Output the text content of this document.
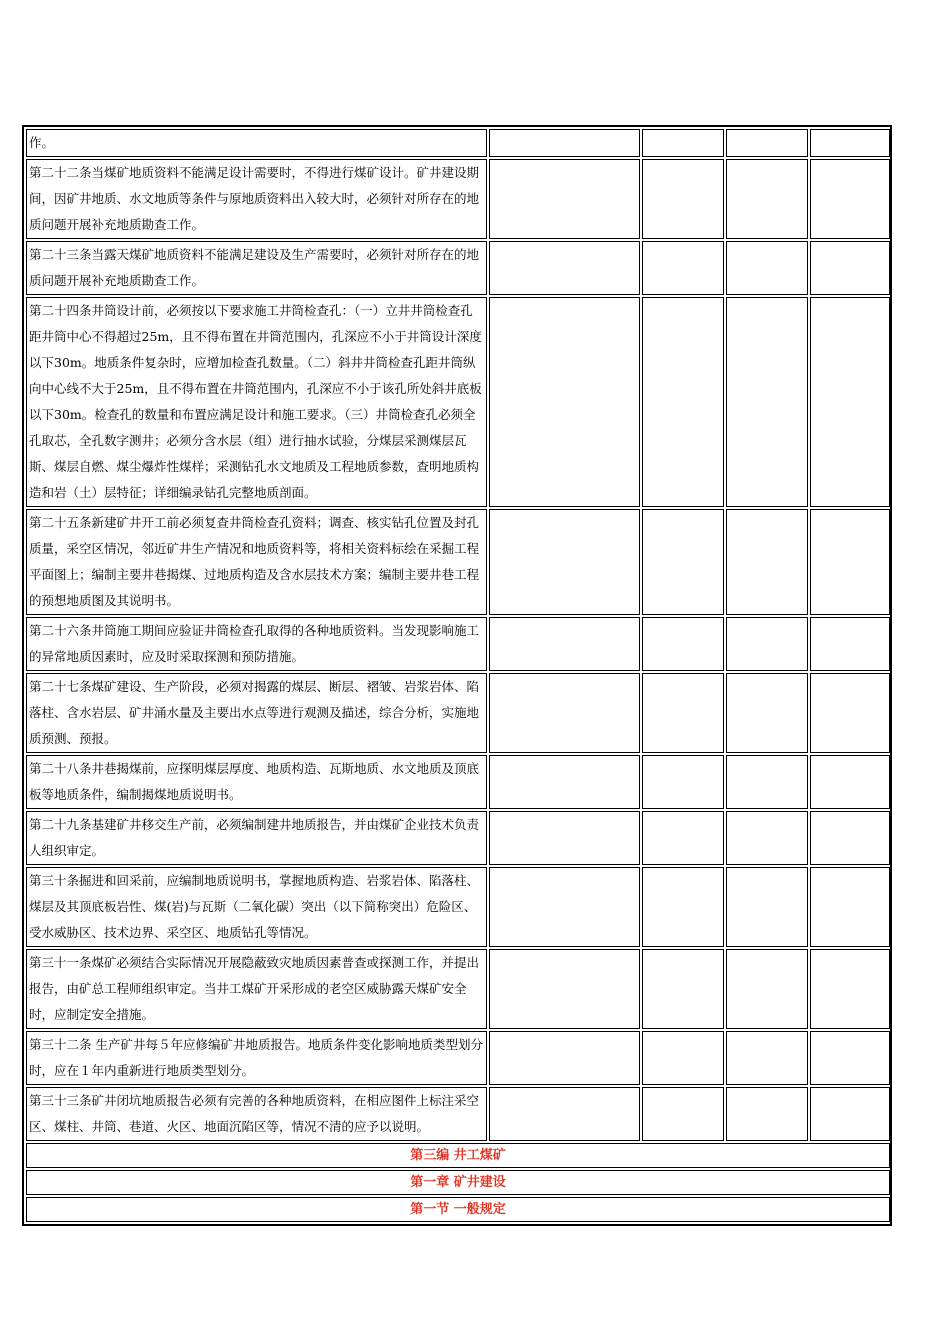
作。				
第二十二条当煤矿地质资料不能满足设计需要时，不得进行煤矿设计。矿井建设期间，因矿井地质、水文地质等条件与原地质资料出入较大时，必须针对所存在的地质问题开展补充地质勘查工作。				
第二十三条当露天煤矿地质资料不能满足建设及生产需要时，必须针对所存在的地质问题开展补充地质勘查工作。				
第二十四条井筒设计前，必须按以下要求施工井筒检查孔：（一）立井井筒检查孔距井筒中心不得超过25m，且不得布置在井筒范围内，孔深应不小于井筒设计深度以下30m。地质条件复杂时，应增加检查孔数量。（二）斜井井筒检查孔距井筒纵向中心线不大于25m，且不得布置在井筒范围内，孔深应不小于该孔所处斜井底板以下30m。检查孔的数量和布置应满足设计和施工要求。（三）井筒检查孔必须全孔取芯，全孔数字测井；必须分含水层（组）进行抽水试验，分煤层采测煤层瓦斯、煤层自燃、煤尘爆炸性煤样；采测钻孔水文地质及工程地质参数，查明地质构造和岩（土）层特征；详细编录钻孔完整地质剖面。				
第二十五条新建矿井开工前必须复查井筒检查孔资料；调查、核实钻孔位置及封孔质量，采空区情况，邻近矿井生产情况和地质资料等，将相关资料标绘在采掘工程平面图上；编制主要井巷揭煤、过地质构造及含水层技术方案；编制主要井巷工程的预想地质图及其说明书。				
第二十六条井筒施工期间应验证井筒检查孔取得的各种地质资料。当发现影响施工的异常地质因素时，应及时采取探测和预防措施。				
第二十七条煤矿建设、生产阶段，必须对揭露的煤层、断层、褶皱、岩浆岩体、陷落柱、含水岩层、矿井涌水量及主要出水点等进行观测及描述，综合分析，实施地质预测、预报。				
第二十八条井巷揭煤前，应探明煤层厚度、地质构造、瓦斯地质、水文地质及顶底板等地质条件，编制揭煤地质说明书。				
第二十九条基建矿井移交生产前，必须编制建井地质报告，并由煤矿企业技术负责人组织审定。				
第三十条掘进和回采前，应编制地质说明书，掌握地质构造、岩浆岩体、陷落柱、煤层及其顶底板岩性、煤(岩)与瓦斯（二氧化碳）突出（以下简称突出）危险区、受水威胁区、技术边界、采空区、地质钻孔等情况。				
第三十一条煤矿必须结合实际情况开展隐蔽致灾地质因素普查或探测工作，并提出报告，由矿总工程师组织审定。当井工煤矿开采形成的老空区威胁露天煤矿安全时，应制定安全措施。				
第三十二条 生产矿井每５年应修编矿井地质报告。地质条件变化影响地质类型划分时，应在１年内重新进行地质类型划分。				
第三十三条矿井闭坑地质报告必须有完善的各种地质资料，在相应图件上标注采空区、煤柱、井筒、巷道、火区、地面沉陷区等，情况不清的应予以说明。				
第三编 井工煤矿				
第一章 矿井建设				
第一节 一般规定				
